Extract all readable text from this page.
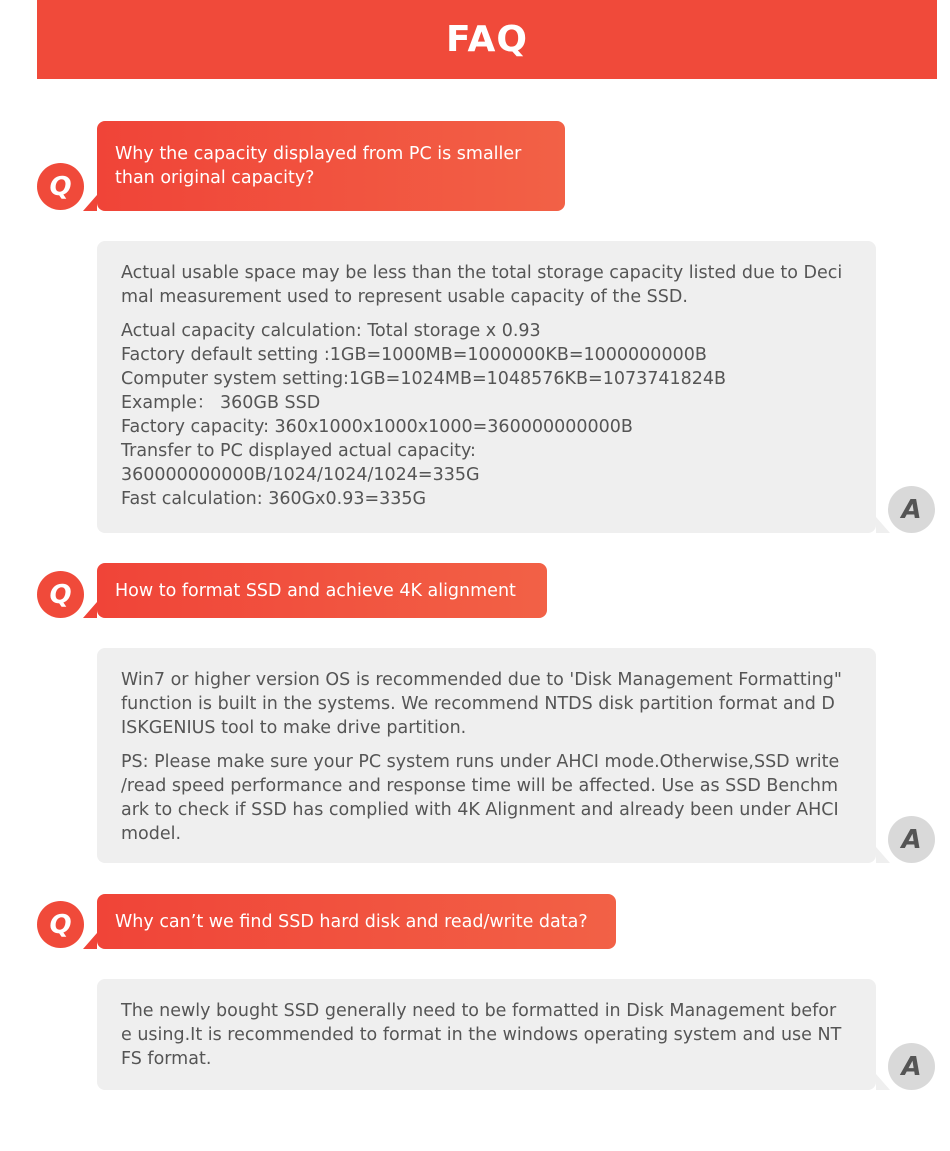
FAQ
Why the capacity displayed from PC is smaller
than original capacity?
Q

Actual usable space may be less than the total storage capacity listed due to Deci
mal measurement used to represent usable capacity of the SSD.

Actual capacity calculation: Total storage x 0.93
Factory default setting :1GB=1000MB=1000000KB=1000000000B
Computer system setting:1GB=1024MB=1048576KB=1073741824B
Example： 360GB SSD
Factory capacity: 360x1000x1000x1000=360000000000B
Transfer to PC displayed actual capacity:
360000000000B/1024/1024/1024=335G
Fast calculation: 360Gx0.93=335G	A
How to format SSD and achieve 4K alignment
Q

Win7 or higher version OS is recommended due to 'Disk Management Formatting"
function is built in the systems. We recommend NTDS disk partition format and D
ISKGENIUS tool to make drive partition.

PS: Please make sure your PC system runs under AHCI mode.Otherwise,SSD write
/read speed performance and response time will be affected. Use as SSD Benchm
ark to check if SSD has complied with 4K Alignment and already been under AHCI
model.	A
Why can’t we find SSD hard disk and read/write data?
Q

The newly bought SSD generally need to be formatted in Disk Management befor
e using.It is recommended to format in the windows operating system and use NT
FS format.	A
